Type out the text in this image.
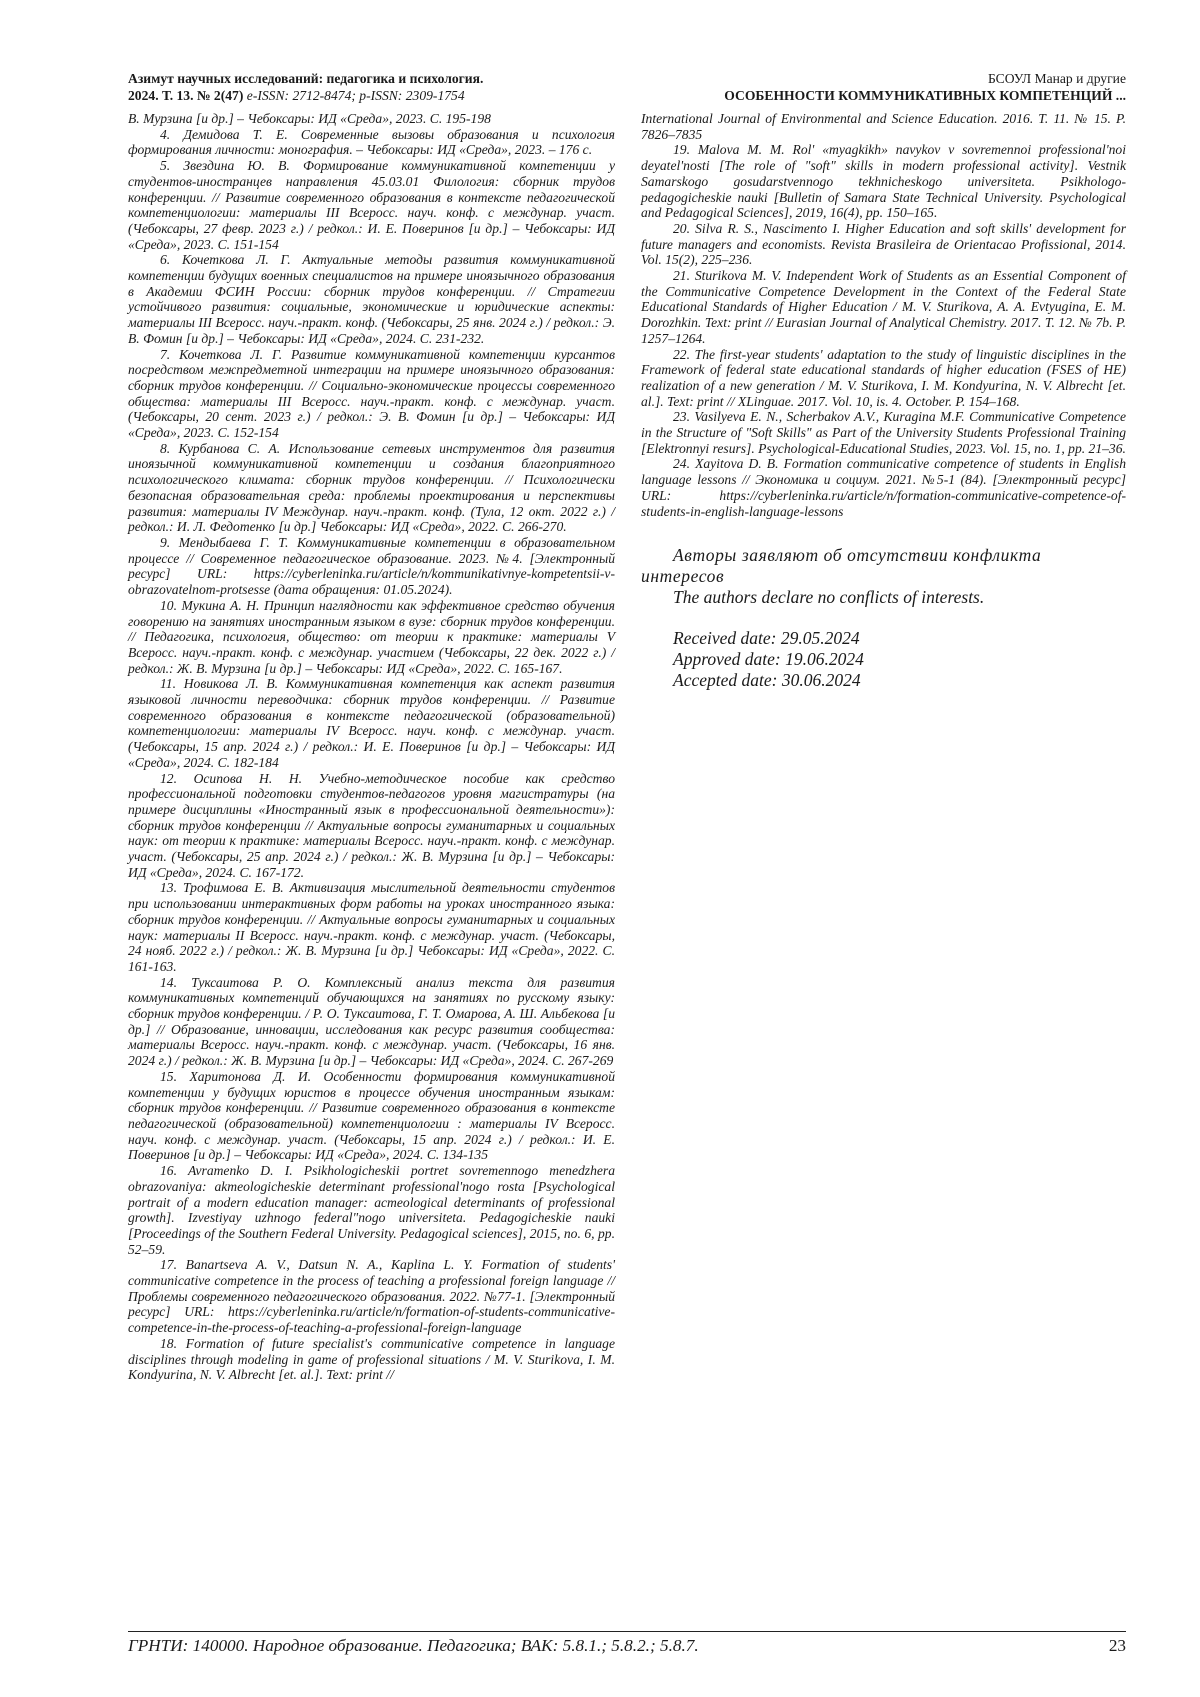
Азимут научных исследований: педагогика и психология.
2024. Т. 13. № 2(47) e-ISSN: 2712-8474; p-ISSN: 2309-1754
БСОУЛ Манар и другие
ОСОБЕННОСТИ КОММУНИКАТИВНЫХ КОМПЕТЕНЦИЙ ...

В. Мурзина [и др.] – Чебоксары: ИД «Среда», 2023. С. 195-198

4. Демидова Т. Е. Современные вызовы образования и психология формирования личности: монография. – Чебоксары: ИД «Среда», 2023. – 176 с.

5. Звездина Ю. В. Формирование коммуникативной компетенции у студентов-иностранцев направления 45.03.01 Филология: сборник трудов конференции. // Развитие современного образования в контексте педагогической компетенциологии: материалы III Всеросс. науч. конф. с междунар. участ. (Чебоксары, 27 февр. 2023 г.) / редкол.: И. Е. Поверинов [и др.] – Чебоксары: ИД «Среда», 2023. С. 151-154

6. Кочеткова Л. Г. Актуальные методы развития коммуникативной компетенции будущих военных специалистов на примере иноязычного образования в Академии ФСИН России: сборник трудов конференции. // Стратегии устойчивого развития: социальные, экономические и юридические аспекты: материалы III Всеросс. науч.-практ. конф. (Чебоксары, 25 янв. 2024 г.) / редкол.: Э. В. Фомин [и др.] – Чебоксары: ИД «Среда», 2024. С. 231-232.

7. Кочеткова Л. Г. Развитие коммуникативной компетенции курсантов посредством межпредметной интеграции на примере иноязычного образования: сборник трудов конференции. // Социально-экономические процессы современного общества: материалы III Всеросс. науч.-практ. конф. с междунар. участ. (Чебоксары, 20 сент. 2023 г.) / редкол.: Э. В. Фомин [и др.] – Чебоксары: ИД «Среда», 2023. С. 152-154

8. Курбанова С. А. Использование сетевых инструментов для развития иноязычной коммуникативной компетенции и создания благоприятного психологического климата: сборник трудов конференции. // Психологически безопасная образовательная среда: проблемы проектирования и перспективы развития: материалы IV Междунар. науч.-практ. конф. (Тула, 12 окт. 2022 г.) / редкол.: И. Л. Федотенко [и др.] Чебоксары: ИД «Среда», 2022. С. 266-270.

9. Мендыбаева Г. Т. Коммуникативные компетенции в образовательном процессе // Современное педагогическое образование. 2023. №4. [Электронный ресурс] URL: https://cyberleninka.ru/article/n/kommunikativnye-kompetentsii-v-obrazovatelnom-protsesse (дата обращения: 01.05.2024).

10. Мукина А. Н. Принцип наглядности как эффективное средство обучения говорению на занятиях иностранным языком в вузе: сборник трудов конференции. // Педагогика, психология, общество: от теории к практике: материалы V Всеросс. науч.-практ. конф. с междунар. участием (Чебоксары, 22 дек. 2022 г.) / редкол.: Ж. В. Мурзина [и др.] – Чебоксары: ИД «Среда», 2022. С. 165-167.

11. Новикова Л. В. Коммуникативная компетенция как аспект развития языковой личности переводчика: сборник трудов конференции. // Развитие современного образования в контексте педагогической (образовательной) компетенциологии: материалы IV Всеросс. науч. конф. с междунар. участ. (Чебоксары, 15 апр. 2024 г.) / редкол.: И. Е. Поверинов [и др.] – Чебоксары: ИД «Среда», 2024. С. 182-184

12. Осипова Н. Н. Учебно-методическое пособие как средство профессиональной подготовки студентов-педагогов уровня магистратуры (на примере дисциплины «Иностранный язык в профессиональной деятельности»): сборник трудов конференции // Актуальные вопросы гуманитарных и социальных наук: от теории к практике: материалы Всеросс. науч.-практ. конф. с междунар. участ. (Чебоксары, 25 апр. 2024 г.) / редкол.: Ж. В. Мурзина [и др.] – Чебоксары: ИД «Среда», 2024. С. 167-172.

13. Трофимова Е. В. Активизация мыслительной деятельности студентов при использовании интерактивных форм работы на уроках иностранного языка: сборник трудов конференции. // Актуальные вопросы гуманитарных и социальных наук: материалы II Всеросс. науч.-практ. конф. с междунар. участ. (Чебоксары, 24 нояб. 2022 г.) / редкол.: Ж. В. Мурзина [и др.] Чебоксары: ИД «Среда», 2022. С. 161-163.

14. Туксаитова Р. О. Комплексный анализ текста для развития коммуникативных компетенций обучающихся на занятиях по русскому языку: сборник трудов конференции. / Р. О. Туксаитова, Г. Т. Омарова, А. Ш. Альбекова [и др.] // Образование, инновации, исследования как ресурс развития сообщества: материалы Всеросс. науч.-практ. конф. с междунар. участ. (Чебоксары, 16 янв. 2024 г.) / редкол.: Ж. В. Мурзина [и др.] – Чебоксары: ИД «Среда», 2024. С. 267-269

15. Харитонова Д. И. Особенности формирования коммуникативной компетенции у будущих юристов в процессе обучения иностранным языкам: сборник трудов конференции. // Развитие современного образования в контексте педагогической (образовательной) компетенциологии : материалы IV Всеросс. науч. конф. с междунар. участ. (Чебоксары, 15 апр. 2024 г.) / редкол.: И. Е. Поверинов [и др.] – Чебоксары: ИД «Среда», 2024. С. 134-135

16. Avramenko D. I. Psikhologicheskii portret sovremennogo menedzhera obrazovaniya: akmeologicheskie determinant professional'nogo rosta [Psychological portrait of a modern education manager: acmeological determinants of professional growth]. Izvestiyay uzhnogo federal"nogo universiteta. Pedagogicheskie nauki [Proceedings of the Southern Federal University. Pedagogical sciences], 2015, no. 6, pp. 52–59.

17. Banartseva A. V., Datsun N. A., Kaplina L. Y. Formation of students' communicative competence in the process of teaching a professional foreign language // Проблемы современного педагогического образования. 2022. №77-1. [Электронный ресурс] URL: https://cyberleninka.ru/article/n/formation-of-students-communicative-competence-in-the-process-of-teaching-a-professional-foreign-language

18. Formation of future specialist's communicative competence in language disciplines through modeling in game of professional situations / M. V. Sturikova, I. M. Kondyurina, N. V. Albrecht [et. al.]. Text: print //

International Journal of Environmental and Science Education. 2016. T. 11. № 15. P. 7826–7835

19. Malova M. M. Rol' «myagkikh» navykov v sovremennoi professional'noi deyatel'nosti [The role of "soft" skills in modern professional activity]. Vestnik Samarskogo gosudarstvennogo tekhnicheskogo universiteta. Psikhologo-pedagogicheskie nauki [Bulletin of Samara State Technical University. Psychological and Pedagogical Sciences], 2019, 16(4), pp. 150–165.

20. Silva R. S., Nascimento I. Higher Education and soft skills' development for future managers and economists. Revista Brasileira de Orientacao Profissional, 2014. Vol. 15(2), 225–236.

21. Sturikova M. V. Independent Work of Students as an Essential Component of the Communicative Competence Development in the Context of the Federal State Educational Standards of Higher Education / M. V. Sturikova, A. A. Evtyugina, E. M. Dorozhkin. Text: print // Eurasian Journal of Analytical Chemistry. 2017. T. 12. № 7b. P. 1257–1264.

22. The first-year students' adaptation to the study of linguistic disciplines in the Framework of federal state educational standards of higher education (FSES of HE) realization of a new generation / M. V. Sturikova, I. M. Kondyurina, N. V. Albrecht [et. al.]. Text: print // XLinguae. 2017. Vol. 10, is. 4. October. P. 154–168.

23. Vasilyeva E. N., Scherbakov A.V., Kuragina M.F. Communicative Competence in the Structure of "Soft Skills" as Part of the University Students Professional Training [Elektronnyi resurs]. Psychological-Educational Studies, 2023. Vol. 15, no. 1, pp. 21–36.

24. Xayitova D. B. Formation communicative competence of students in English language lessons // Экономика и социум. 2021. №5-1 (84). [Электронный ресурс] URL: https://cyberleninka.ru/article/n/formation-communicative-competence-of-students-in-english-language-lessons

Авторы заявляют об отсутствии конфликта интересов

The authors declare no conflicts of interests.

Received date: 29.05.2024

Approved date: 19.06.2024

Accepted date: 30.06.2024

ГРНТИ: 140000. Народное образование. Педагогика; ВАК: 5.8.1.; 5.8.2.; 5.8.7.	23
